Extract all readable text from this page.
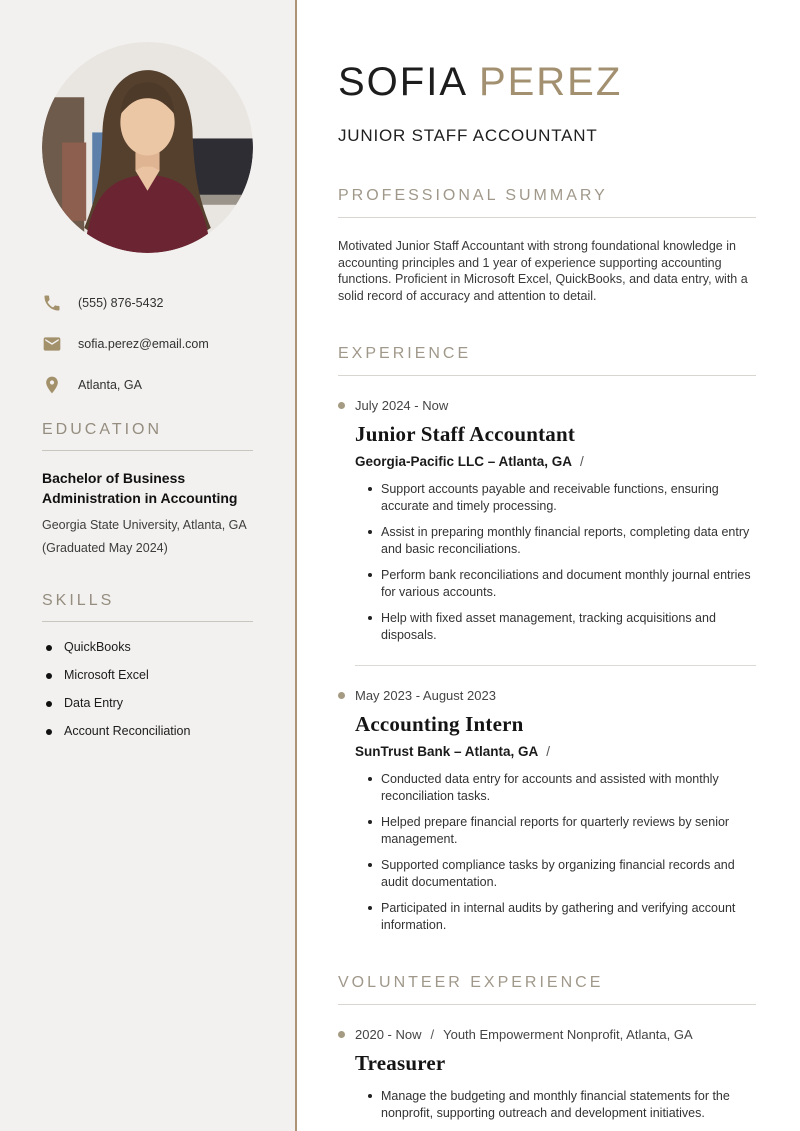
(555) 876-5432
sofia.perez@email.com
Atlanta, GA
EDUCATION

Bachelor of Business Administration in Accounting

Georgia State University, Atlanta, GA

(Graduated May 2024)

SKILLS
QuickBooks
Microsoft Excel
Data Entry
Account Reconciliation
SOFIA PEREZ
JUNIOR STAFF ACCOUNTANT
PROFESSIONAL SUMMARY

Motivated Junior Staff Accountant with strong foundational knowledge in accounting principles and 1 year of experience supporting accounting functions. Proficient in Microsoft Excel, QuickBooks, and data entry, with a solid record of accuracy and attention to detail.

EXPERIENCE
July 2024 - Now
Junior Staff Accountant
Georgia-Pacific LLC – Atlanta, GA /
Support accounts payable and receivable functions, ensuring accurate and timely processing.
Assist in preparing monthly financial reports, completing data entry and basic reconciliations.
Perform bank reconciliations and document monthly journal entries for various accounts.
Help with fixed asset management, tracking acquisitions and disposals.
May 2023 - August 2023
Accounting Intern
SunTrust Bank – Atlanta, GA /
Conducted data entry for accounts and assisted with monthly reconciliation tasks.
Helped prepare financial reports for quarterly reviews by senior management.
Supported compliance tasks by organizing financial records and audit documentation.
Participated in internal audits by gathering and verifying account information.
VOLUNTEER EXPERIENCE
2020 - Now / Youth Empowerment Nonprofit, Atlanta, GA
Treasurer
Manage the budgeting and monthly financial statements for the nonprofit, supporting outreach and development initiatives.
